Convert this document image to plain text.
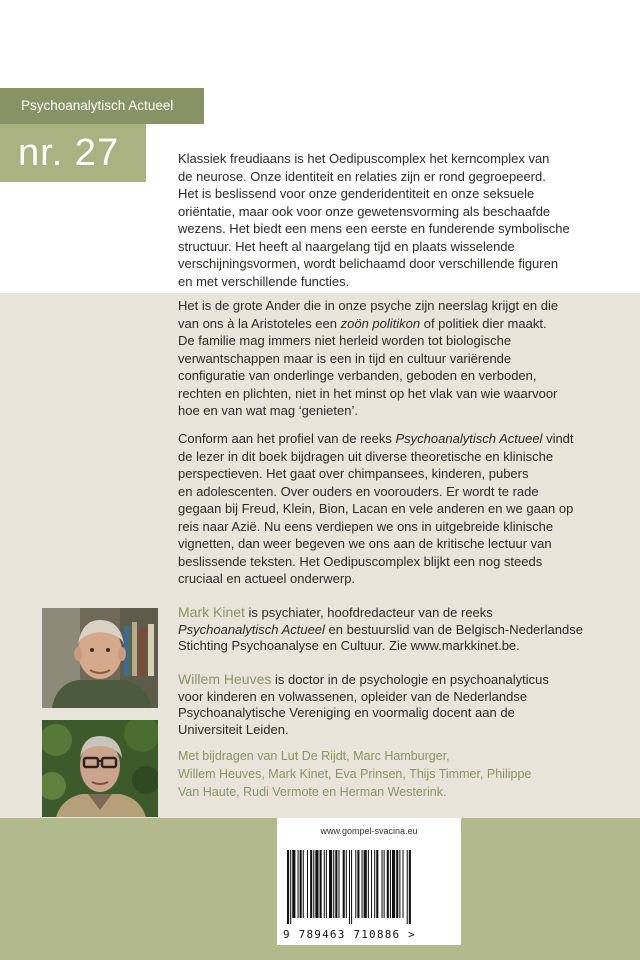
Psychoanalytisch Actueel
nr. 27	Klassiek freudiaans is het Oedipuscomplex het kerncomplex van

de neurose. Onze identiteit en relaties zijn er rond gegroepeerd.

Het is beslissend voor onze genderidentiteit en onze seksuele

oriëntatie, maar ook voor onze gewetensvorming als beschaafde

wezens. Het biedt een mens een eerste en funderende symbolische

structuur. Het heeft al naargelang tijd en plaats wisselende

verschijningsvormen, wordt belichaamd door verschillende figuren

en met verschillende functies.

Het is de grote Ander die in onze psyche zijn neerslag krijgt en die

van ons à la Aristoteles een zoön politikon of politiek dier maakt.

De familie mag immers niet herleid worden tot biologische

verwantschappen maar is een in tijd en cultuur variërende

configuratie van onderlinge verbanden, geboden en verboden,

rechten en plichten, niet in het minst op het vlak van wie waarvoor

hoe en van wat mag ‘genieten’.

Conform aan het profiel van de reeks Psychoanalytisch Actueel vindt

de lezer in dit boek bijdragen uit diverse theoretische en klinische

perspectieven. Het gaat over chimpansees, kinderen, pubers

en adolescenten. Over ouders en voorouders. Er wordt te rade

gegaan bij Freud, Klein, Bion, Lacan en vele anderen en we gaan op

reis naar Azië. Nu eens verdiepen we ons in uitgebreide klinische

vignetten, dan weer begeven we ons aan de kritische lectuur van

beslissende teksten. Het Oedipuscomplex blijkt een nog steeds

cruciaal en actueel onderwerp.

Mark Kinet is psychiater, hoofdredacteur van de reeks
Psychoanalytisch Actueel en bestuurslid van de Belgisch-Nederlandse
Stichting Psychoanalyse en Cultuur. Zie www.markkinet.be.
Willem Heuves is doctor in de psychologie en psychoanalyticus
voor kinderen en volwassenen, opleider van de Nederlandse
Psychoanalytische Vereniging en voormalig docent aan de
Universiteit Leiden.
Met bijdragen van Lut De Rijdt, Marc Hamburger,
Willem Heuves, Mark Kinet, Eva Prinsen, Thijs Timmer, Philippe
Van Haute, Rudi Vermote en Herman Westerink.
www.gompel-svacina.eu
9 789463 710886 >
